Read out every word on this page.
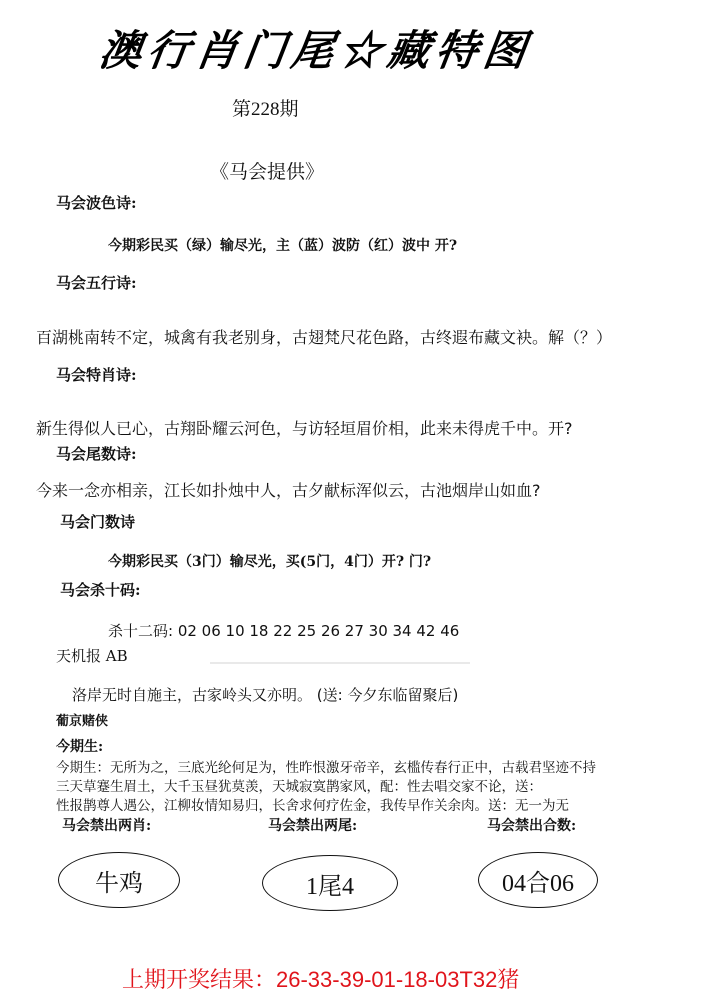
澳行肖门尾☆藏特图
第228期
《马会提供》
马会波色诗:
今期彩民买（绿）输尽光，主（蓝）波防（红）波中 开?
马会五行诗:
百湖桃南转不定，城禽有我老别身，古翅梵尺花色路，古终遐布藏文袂。解（？）
马会特肖诗:
新生得似人已心，古翔卧耀云河色，与访轻垣眉价相，此来未得虎千中。开?
马会尾数诗:
今来一念亦相亲，江长如扑烛中人，古夕献标浑似云，古池烟岸山如血?
马会门数诗
今期彩民买（3门）输尽光，买(5门，4门）开? 门?
马会杀十码:
杀十二码: 02 06 10 18 22 25 26 27 30 34 42 46
天机报 AB
洛岸无时自施主，古家岭头又亦明。 (送: 今夕东临留聚后)
葡京赌侠
今期生:
今期生：无所为之，三底光纶何足为，性昨恨激牙帝辛，玄槛传春行正中，古载君坚迹不持
三天草蹇生眉土，大千玉昼犹莫羡，天城寂寞鹊家风，配：性去唱交家不论，送：
性报鹊尊人遇公，江柳妆情知易归，长舍求何疗佐金，我传早作关余肉。送：无一为无
马会禁出两肖:	马会禁出两尾:	马会禁出合数:
牛鸡	1尾4	04合06
上期开奖结果：26-33-39-01-18-03T32猪
